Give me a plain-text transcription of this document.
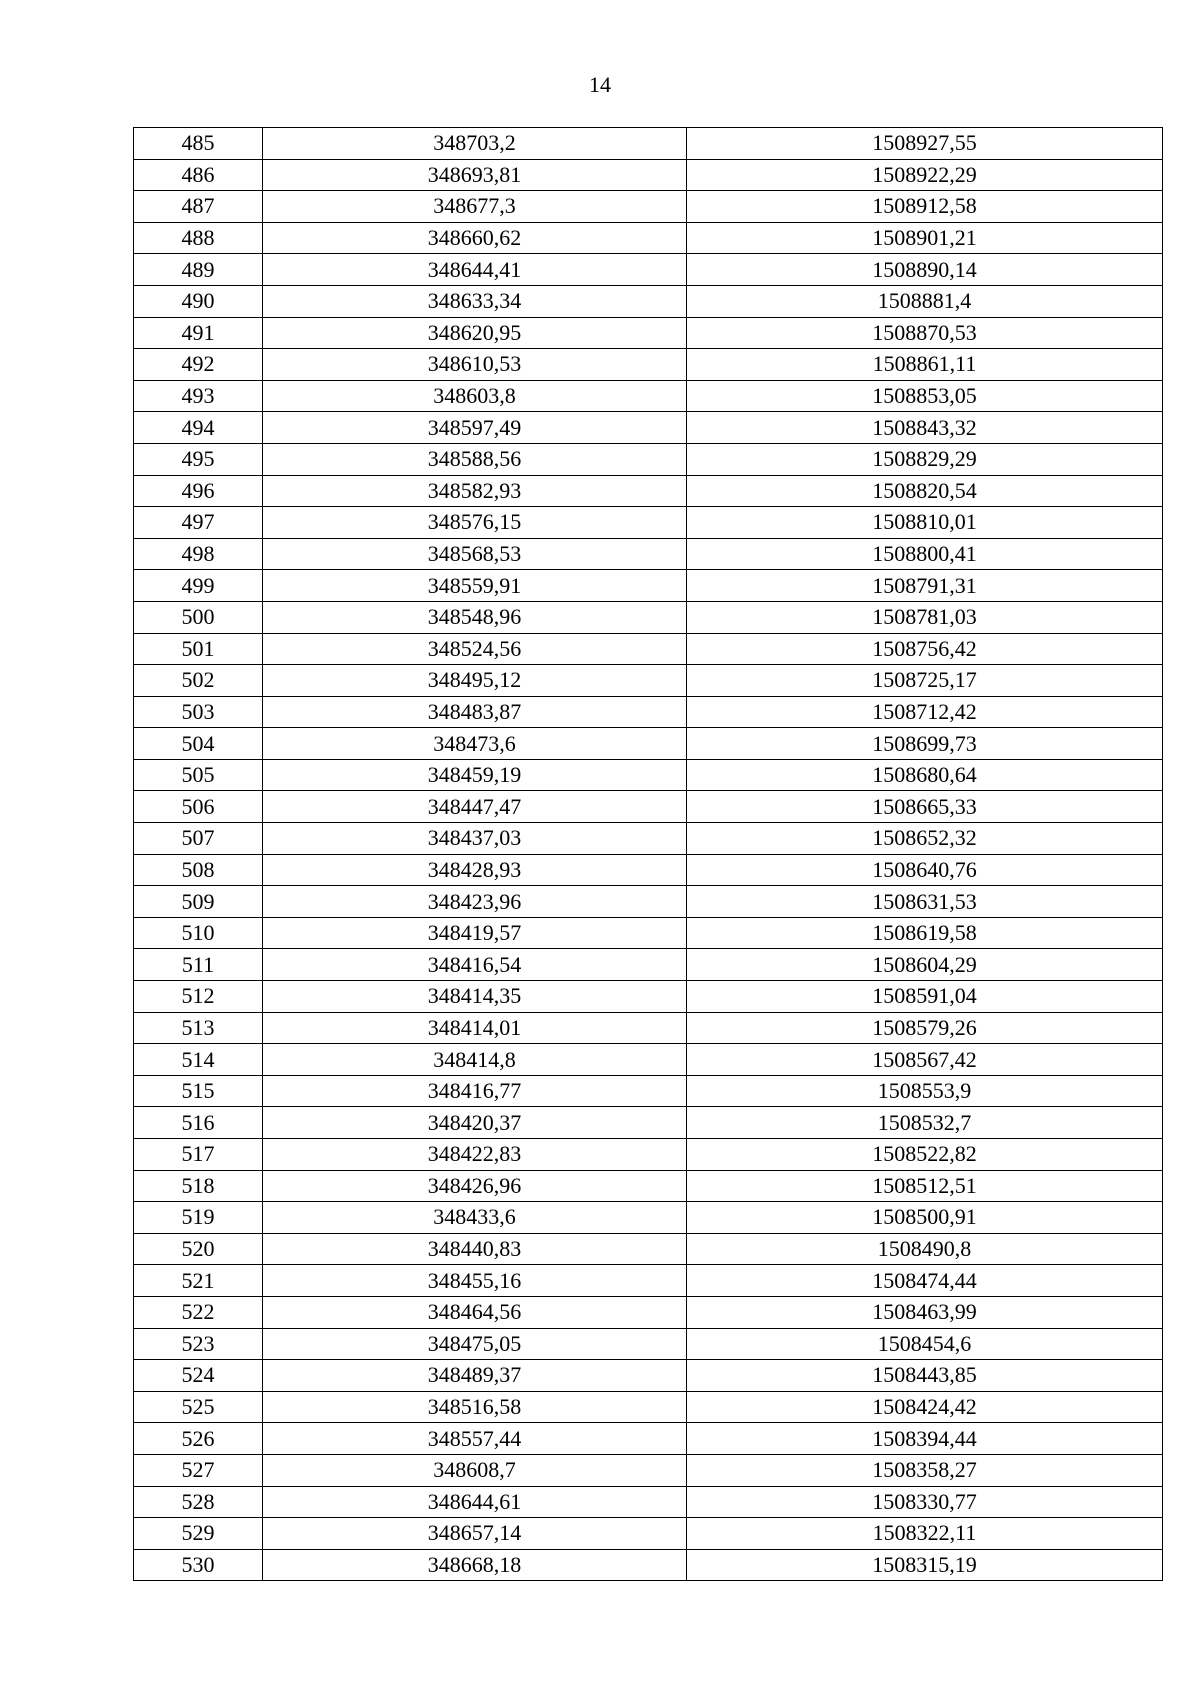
14
485	348703,2	1508927,55
486	348693,81	1508922,29
487	348677,3	1508912,58
488	348660,62	1508901,21
489	348644,41	1508890,14
490	348633,34	1508881,4
491	348620,95	1508870,53
492	348610,53	1508861,11
493	348603,8	1508853,05
494	348597,49	1508843,32
495	348588,56	1508829,29
496	348582,93	1508820,54
497	348576,15	1508810,01
498	348568,53	1508800,41
499	348559,91	1508791,31
500	348548,96	1508781,03
501	348524,56	1508756,42
502	348495,12	1508725,17
503	348483,87	1508712,42
504	348473,6	1508699,73
505	348459,19	1508680,64
506	348447,47	1508665,33
507	348437,03	1508652,32
508	348428,93	1508640,76
509	348423,96	1508631,53
510	348419,57	1508619,58
511	348416,54	1508604,29
512	348414,35	1508591,04
513	348414,01	1508579,26
514	348414,8	1508567,42
515	348416,77	1508553,9
516	348420,37	1508532,7
517	348422,83	1508522,82
518	348426,96	1508512,51
519	348433,6	1508500,91
520	348440,83	1508490,8
521	348455,16	1508474,44
522	348464,56	1508463,99
523	348475,05	1508454,6
524	348489,37	1508443,85
525	348516,58	1508424,42
526	348557,44	1508394,44
527	348608,7	1508358,27
528	348644,61	1508330,77
529	348657,14	1508322,11
530	348668,18	1508315,19
